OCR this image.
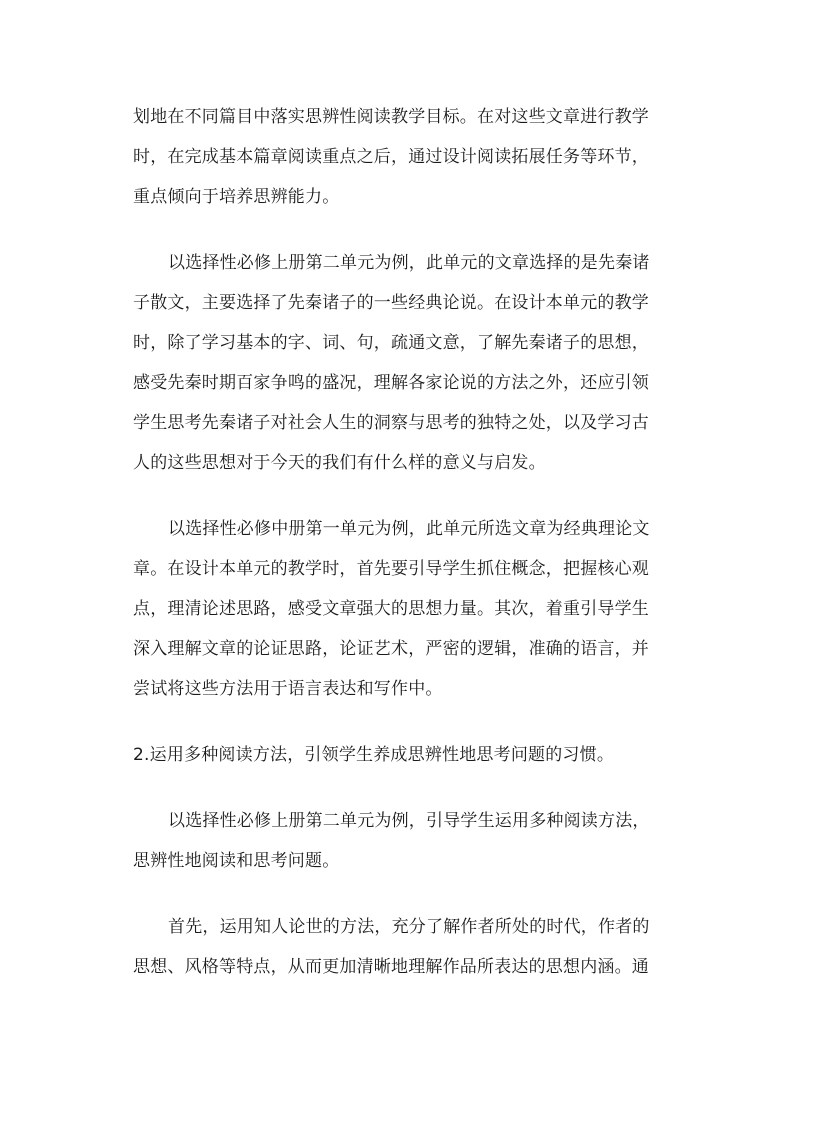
划地在不同篇目中落实思辨性阅读教学目标。在对这些文章进行教学
时，在完成基本篇章阅读重点之后，通过设计阅读拓展任务等环节，
重点倾向于培养思辨能力。
以选择性必修上册第二单元为例，此单元的文章选择的是先秦诸
子散文，主要选择了先秦诸子的一些经典论说。在设计本单元的教学
时，除了学习基本的字、词、句，疏通文意，了解先秦诸子的思想，
感受先秦时期百家争鸣的盛况，理解各家论说的方法之外，还应引领
学生思考先秦诸子对社会人生的洞察与思考的独特之处，以及学习古
人的这些思想对于今天的我们有什么样的意义与启发。
以选择性必修中册第一单元为例，此单元所选文章为经典理论文
章。在设计本单元的教学时，首先要引导学生抓住概念，把握核心观
点，理清论述思路，感受文章强大的思想力量。其次，着重引导学生
深入理解文章的论证思路，论证艺术，严密的逻辑，准确的语言，并
尝试将这些方法用于语言表达和写作中。
2.运用多种阅读方法，引领学生养成思辨性地思考问题的习惯。
以选择性必修上册第二单元为例，引导学生运用多种阅读方法，
思辨性地阅读和思考问题。
首先，运用知人论世的方法，充分了解作者所处的时代，作者的
思想、风格等特点，从而更加清晰地理解作品所表达的思想内涵。通
